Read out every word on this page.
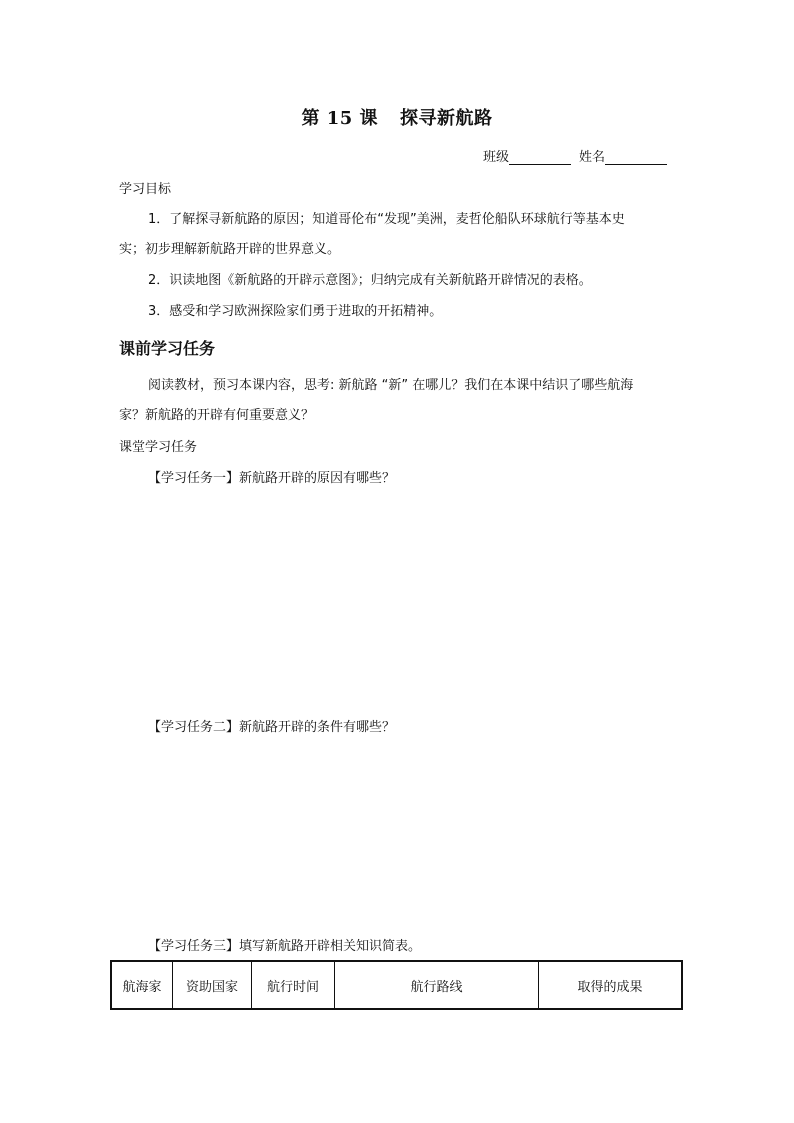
第 15 课 探寻新航路
班级	姓名
学习目标
1．了解探寻新航路的原因；知道哥伦布“发现”美洲，麦哲伦船队环球航行等基本史
实；初步理解新航路开辟的世界意义。
2．识读地图《新航路的开辟示意图》；归纳完成有关新航路开辟情况的表格。
3．感受和学习欧洲探险家们勇于进取的开拓精神。
课前学习任务
阅读教材，预习本课内容，思考: 新航路 “新” 在哪儿？我们在本课中结识了哪些航海
家？新航路的开辟有何重要意义？
课堂学习任务
【学习任务一】新航路开辟的原因有哪些？
【学习任务二】新航路开辟的条件有哪些？
【学习任务三】填写新航路开辟相关知识简表。
航海家	资助国家	航行时间	航行路线	取得的成果
